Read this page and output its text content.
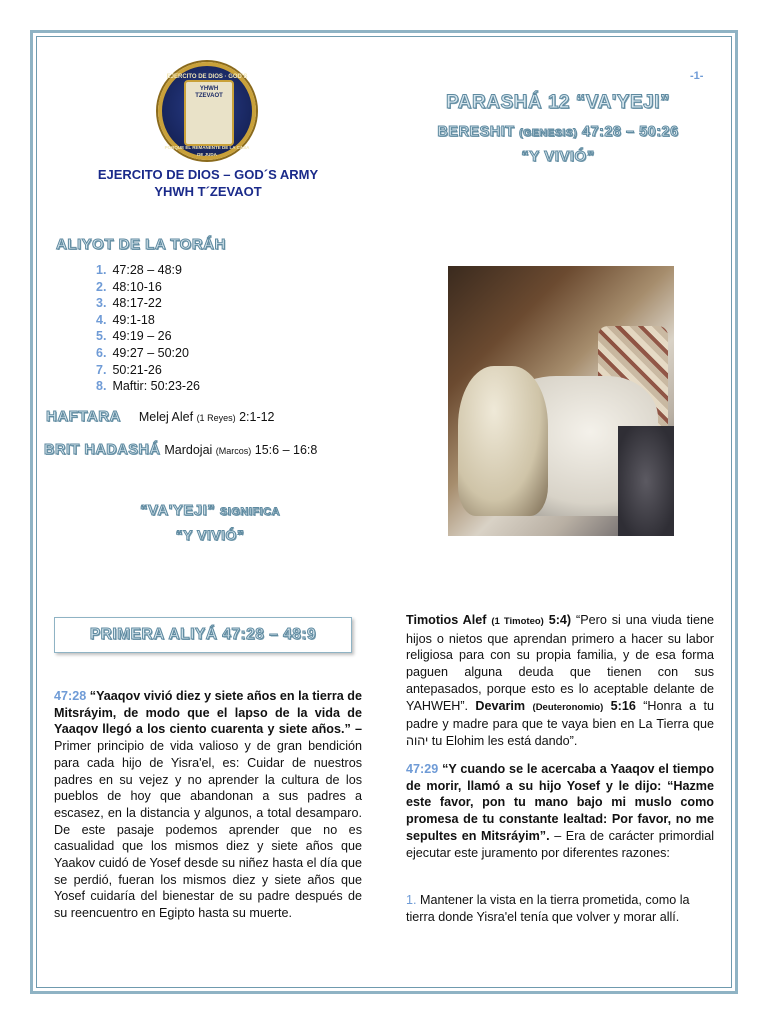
EJERCITO DE DIOS · GOD'S
YHWH
TZEVAOT
PORQUE EL REMANENTE DE LA CASA DE JUDA
EJERCITO DE DIOS – GOD´S ARMY
YHWH T´ZEVAOT
-1-
PARASHÁ 12 “VA'YEJI”
BERESHIT (GENESIS) 47:28 – 50:26
“Y VIVIÓ”
ALIYOT DE LA TORÁH
1. 47:28 – 48:9
2. 48:10-16
3. 48:17-22
4. 49:1-18
5. 49:19 – 26
6. 49:27 – 50:20
7. 50:21-26
8. Maftir: 50:23-26
HAFTARA Melej Alef (1 Reyes) 2:1-12
BRIT HADASHÁ Mardojai (Marcos) 15:6 – 16:8
“VA'YEJI” SIGNIFICA
“Y VIVIÓ”
PRIMERA ALIYÁ 47:28 – 48:9
47:28 “Yaaqov vivió diez y siete años en la tierra de Mitsráyim, de modo que el lapso de la vida de Yaaqov llegó a los ciento cuarenta y siete años.” – Primer principio de vida valioso y de gran bendición para cada hijo de Yisra'el, es: Cuidar de nuestros padres en su vejez y no aprender la cultura de los pueblos de hoy que abandonan a sus padres a escasez, en la distancia y algunos, a total desamparo. De este pasaje podemos aprender que no es casualidad que los mismos diez y siete años que Yaakov cuidó de Yosef desde su niñez hasta el día que se perdió, fueran los mismos diez y siete años que Yosef cuidaría del bienestar de su padre después de su reencuentro en Egipto hasta su muerte.
Timotios Alef (1 Timoteo) 5:4) “Pero si una viuda tiene hijos o nietos que aprendan primero a hacer su labor religiosa para con su propia familia, y de esa forma paguen alguna deuda que tienen con sus antepasados, porque esto es lo aceptable delante de YAHWEH”. Devarim (Deuteronomio) 5:16 “Honra a tu padre y madre para que te vaya bien en La Tierra que יהוה tu Elohim les está dando”.
47:29 “Y cuando se le acercaba a Yaaqov el tiempo de morir, llamó a su hijo Yosef y le dijo: “Hazme este favor, pon tu mano bajo mi muslo como promesa de tu constante lealtad: Por favor, no me sepultes en Mitsráyim”. – Era de carácter primordial ejecutar este juramento por diferentes razones:
1. Mantener la vista en la tierra prometida, como la tierra donde Yisra'el tenía que volver y morar allí.
